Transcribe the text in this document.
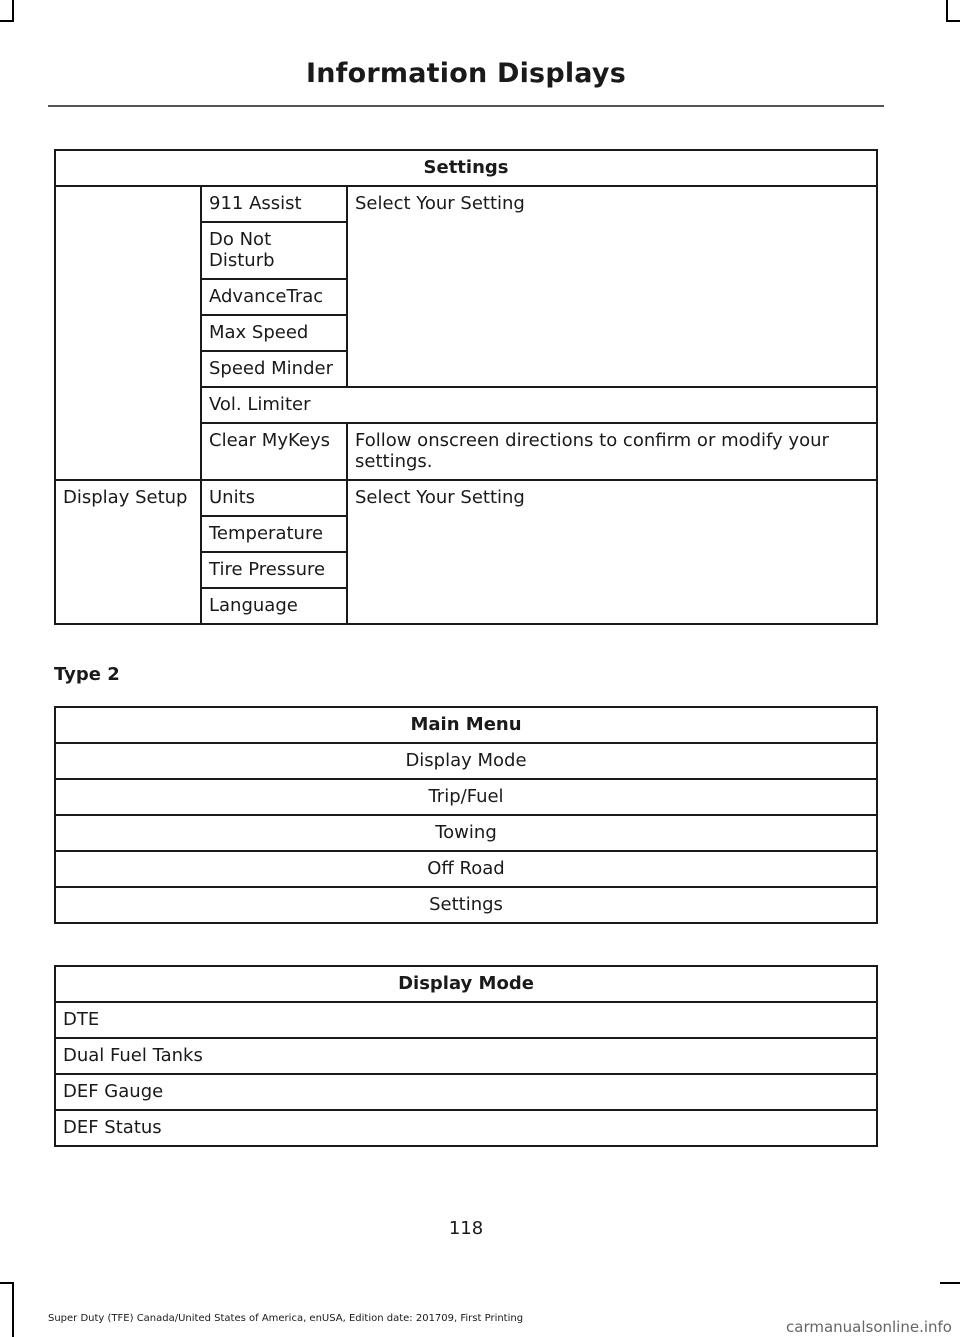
Information Displays
Settings		
	911 Assist	Select Your Setting
	Do Not Disturb	
	AdvanceTrac	
	Max Speed	
	Speed Minder	
	Vol. Limiter	
	Clear MyKeys	Follow onscreen directions to confirm or modify your settings.
Display Setup	Units	Select Your Setting
	Temperature	
	Tire Pressure	
	Language	
Type 2
Main Menu
Display Mode
Trip/Fuel
Towing
Off Road
Settings
Display Mode
DTE
Dual Fuel Tanks
DEF Gauge
DEF Status
118
Super Duty (TFE) Canada/United States of America, enUSA, Edition date: 201709, First Printing	carmanualsonline.info
